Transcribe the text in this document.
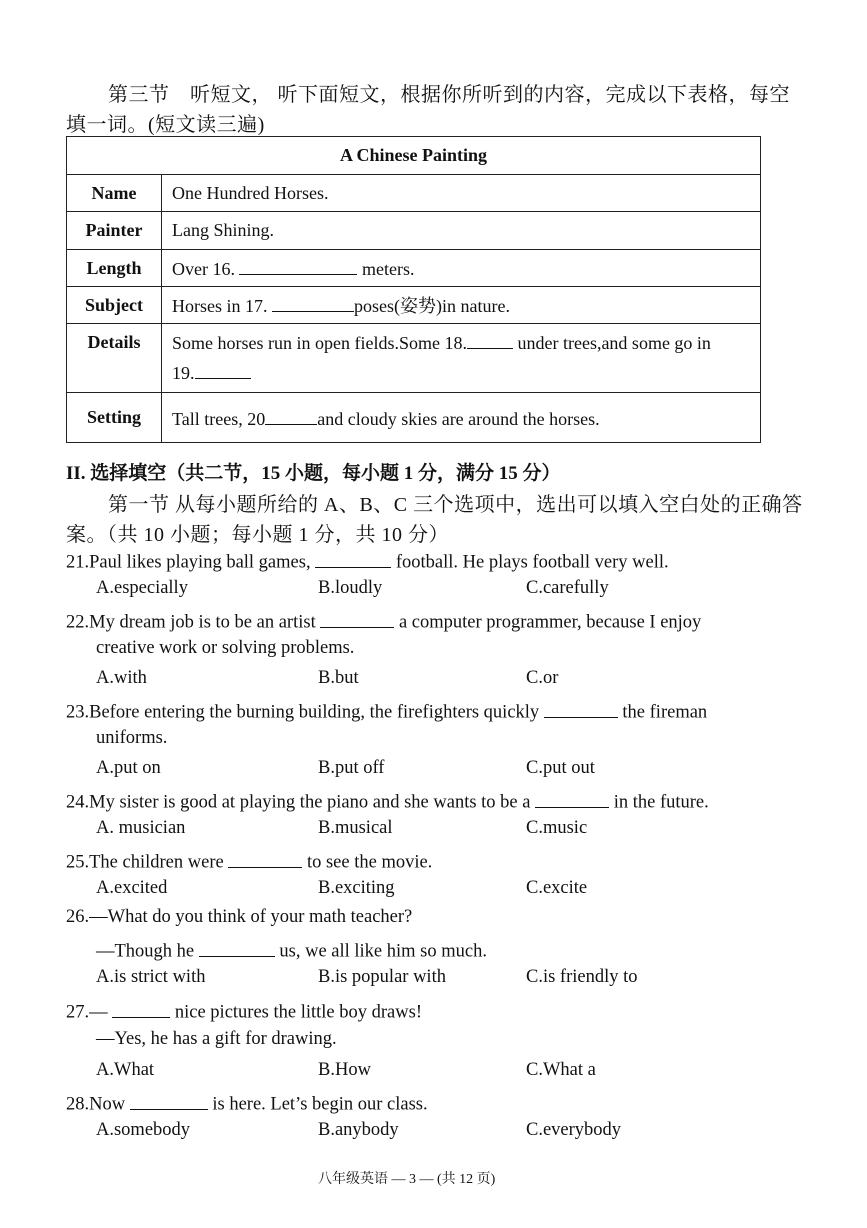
第三节　听短文， 听下面短文，根据你所听到的内容，完成以下表格，每空
填一词。(短文读三遍)
A Chinese Painting	
Name	One Hundred Horses.
Painter	Lang Shining.
Length	Over 16. meters.
Subject	Horses in 17. poses(姿势)in nature.
Details	Some horses run in open fields.Some 18. under trees,and some go in
19.
Setting	Tall trees, 20 and cloudy skies are around the horses.
II. 选择填空（共二节，15 小题，每小题 1 分，满分 15 分）
第一节 从每小题所给的 A、B、C 三个选项中，选出可以填入空白处的正确答
案。（共 10 小题；每小题 1 分，共 10 分）
21.Paul likes playing ball games,	football. He plays football very well.
A.especially	B.loudly	C.carefully
22.My dream job is to be an artist	a computer programmer, because I enjoy
creative work or solving problems.
A.with	B.but	C.or
23.Before entering the burning building, the firefighters quickly	the fireman
uniforms.
A.put on	B.put off	C.put out
24.My sister is good at playing the piano and she wants to be a	in the future.
A. musician	B.musical	C.music
25.The children were	to see the movie.
A.excited	B.exciting	C.excite
26.—What do you think of your math teacher?
—Though he	us, we all like him so much.
A.is strict with	B.is popular with	C.is friendly to
27.—	nice pictures the little boy draws!
—Yes, he has a gift for drawing.
A.What	B.How	C.What a
28.Now	is here. Let’s begin our class.
A.somebody	B.anybody	C.everybody
八年级英语 — 3 — (共 12 页)
